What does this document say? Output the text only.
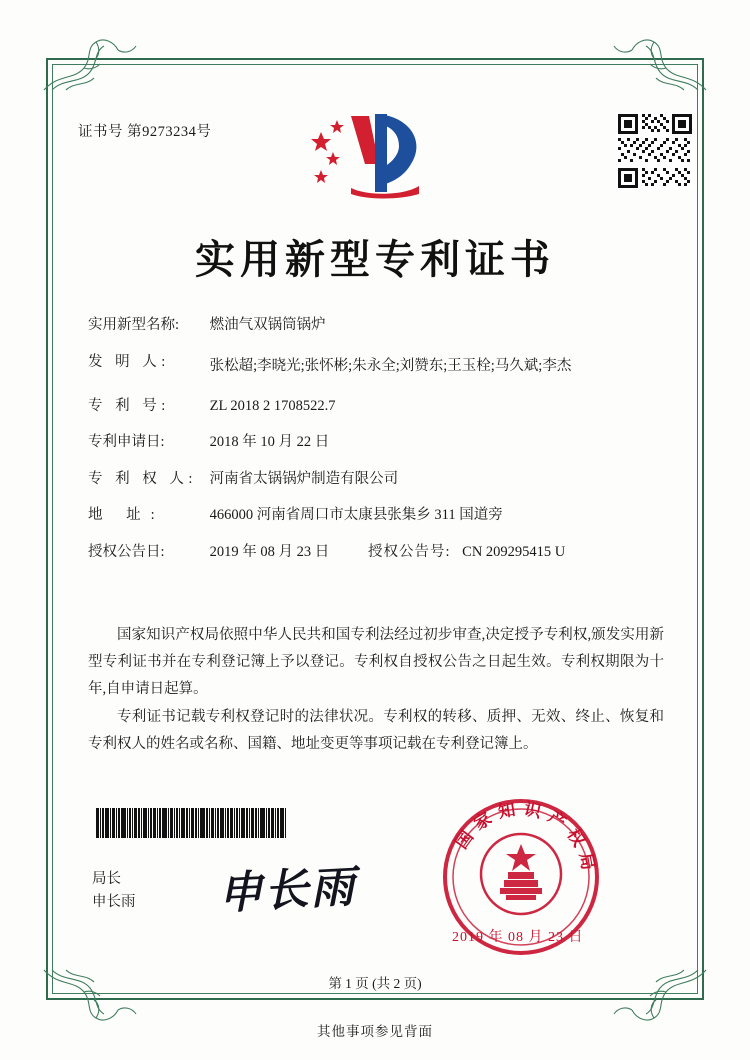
证书号 第9273234号
实用新型专利证书
实用新型名称: 燃油气双锅筒锅炉
发 明 人:	张松超;李晓光;张怀彬;朱永全;刘赞东;王玉栓;马久斌;李杰
专 利 号:	ZL 2018 2 1708522.7
专利申请日:	2018 年 10 月 22 日
专 利 权 人: 河南省太锅锅炉制造有限公司
地 址:	466000 河南省周口市太康县张集乡 311 国道旁
授权公告日:	2019 年 08 月 23 日	授权公告号: CN 209295415 U

国家知识产权局依照中华人民共和国专利法经过初步审查,决定授予专利权,颁发实用新型专利证书并在专利登记簿上予以登记。专利权自授权公告之日起生效。专利权期限为十年,自申请日起算。

专利证书记载专利权登记时的法律状况。专利权的转移、质押、无效、终止、恢复和专利权人的姓名或名称、国籍、地址变更等事项记载在专利登记簿上。

局长
申长雨 申长雨
国家知识产权局
2019 年 08 月 23 日
第 1 页 (共 2 页)
其他事项参见背面
